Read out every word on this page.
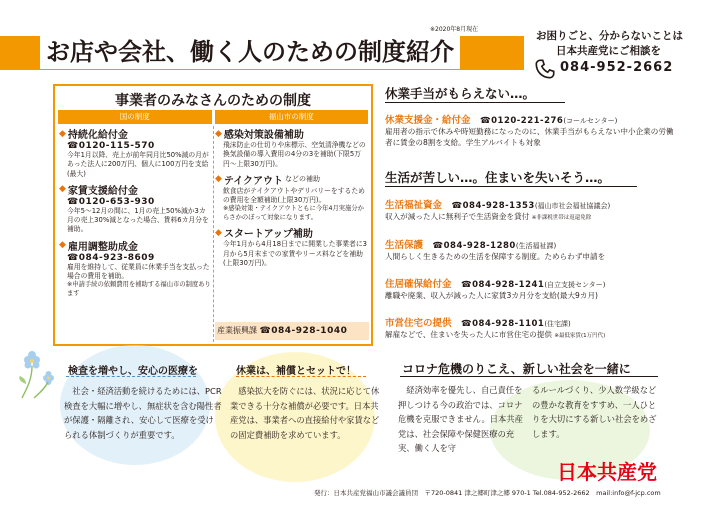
お店や会社、働く人のための制度紹介
※2020年8月現在
お困りごと、分からないことは
日本共産党にご相談を
084-952-2662
事業者のみなさんのための制度
国の制度	福山市の制度
◆ 持続化給付金
☎0120-115-570
今年1月以降、売上が前年同月比50%減の月があった法人に200万円、個人に100万円を支給(最大)
◆ 家賃支援給付金
☎0120-653-930
今年5～12月の間に、1月の売上50%減か3カ月の売上30%減となった場合、賃料6カ月分を補助。
◆ 雇用調整助成金
☎084-923-8609
雇用を維持して、従業員に休業手当を支払った場合の費用を補助。
※申請手続の依頼費用を補助する福山市の制度あります
◆ 感染対策設備補助
飛沫防止の仕切りや床標示、空気清浄機などの換気設備の導入費用の4分の3を補助(下限5万円～上限30万円)。
◆ テイクアウト などの補助
飲食店がテイクアウトやデリバリーをするための費用を全額補助(上限30万円)。
※感染対策・テイクアウトともに今年4月実施分からさかのぼって対象になります。
◆ スタートアップ補助
今年1月から4月18日までに開業した事業者に3月から5月末までの家賃やリース料などを補助(上限30万円)。
産業振興課 ☎084-928-1040
休業手当がもらえない…。
休業支援金・給付金　 ☎0120-221-276(コールセンター)
雇用者の指示で休みや時短勤務になったのに、休業手当がもらえない中小企業の労働者に賃金の8割を支給。学生アルバイトも対象
生活が苦しい…。住まいを失いそう…。
生活福祉資金　 ☎084-928-1353(福山市社会福祉協議会)
収入が減った人に無利子で生活資金を貸付 ※非課税世帯は返還免除
生活保護　 ☎084-928-1280(生活福祉課)
人間らしく生きるための生活を保障する制度。ためらわず申請を
住居確保給付金　 ☎084-928-1241(自立支援センター)
離職や廃業、収入が減った人に家賃3カ月分を支給(最大9カ月)
市営住宅の提供　 ☎084-928-1101(住宅課)
解雇などで、住まいを失った人に市営住宅の提供 ※最低家賃(1万円代)
検査を増やし、安心の医療を
社会・経済活動を続けるためには、PCR検査を大幅に増やし、無症状を含む陽性者が保護・隔離され、安心して医療を受けられる体制づくりが重要です。
休業は、補償とセットで！
感染拡大を防ぐには、状況に応じて休業できる十分な補償が必要です。日本共産党は、事業者への直接給付や家賃などの固定費補助を求めています。
コロナ危機のりこえ、新しい社会を一緒に
経済効率を優先し、自己責任を押しつける今の政治では、コロナ危機を克服できません。日本共産党は、社会保障や保健医療の充実、働く人を守
るルールづくり、少人数学級などの豊かな教育をすすめ、一人ひとりを大切にする新しい社会をめざします。
日本共産党
発行：日本共産党福山市議会議員団　〒720-0841 津之郷町津之郷 970-1 Tel.084-952-2662　mail:info@f-jcp.com
